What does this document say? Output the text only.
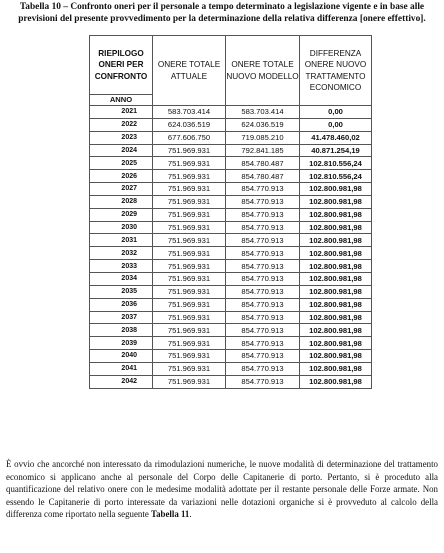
Tabella 10 – Confronto oneri per il personale a tempo determinato a legislazione vigente e in base alle previsioni del presente provvedimento per la determinazione della relativa differenza [onere effettivo].

RIEPILOGO ONERI PER CONFRONTO	ONERE TOTALE ATTUALE	ONERE TOTALE NUOVO MODELLO	DIFFERENZA ONERE NUOVO TRATTAMENTO ECONOMICO
ANNO			
2021	583.703.414	583.703.414	0,00
2022	624.036.519	624.036.519	0,00
2023	677.606.750	719.085.210	41.478.460,02
2024	751.969.931	792.841.185	40.871.254,19
2025	751.969.931	854.780.487	102.810.556,24
2026	751.969.931	854.780.487	102.810.556,24
2027	751.969.931	854.770.913	102.800.981,98
2028	751.969.931	854.770.913	102.800.981,98
2029	751.969.931	854.770.913	102.800.981,98
2030	751.969.931	854.770.913	102.800.981,98
2031	751.969.931	854.770.913	102.800.981,98
2032	751.969.931	854.770.913	102.800.981,98
2033	751.969.931	854.770.913	102.800.981,98
2034	751.969.931	854.770.913	102.800.981,98
2035	751.969.931	854.770.913	102.800.981,98
2036	751.969.931	854.770.913	102.800.981,98
2037	751.969.931	854.770.913	102.800.981,98
2038	751.969.931	854.770.913	102.800.981,98
2039	751.969.931	854.770.913	102.800.981,98
2040	751.969.931	854.770.913	102.800.981,98
2041	751.969.931	854.770.913	102.800.981,98
2042	751.969.931	854.770.913	102.800.981,98

È ovvio che ancorché non interessato da rimodulazioni numeriche, le nuove modalità di determinazione del trattamento economico si applicano anche al personale del Corpo delle Capitanerie di porto. Pertanto, si è proceduto alla quantificazione del relativo onere con le medesime modalità adottate per il restante personale delle Forze armate. Non essendo le Capitanerie di porto interessate da variazioni nelle dotazioni organiche si è provveduto al calcolo della differenza come riportato nella seguente Tabella 11.
